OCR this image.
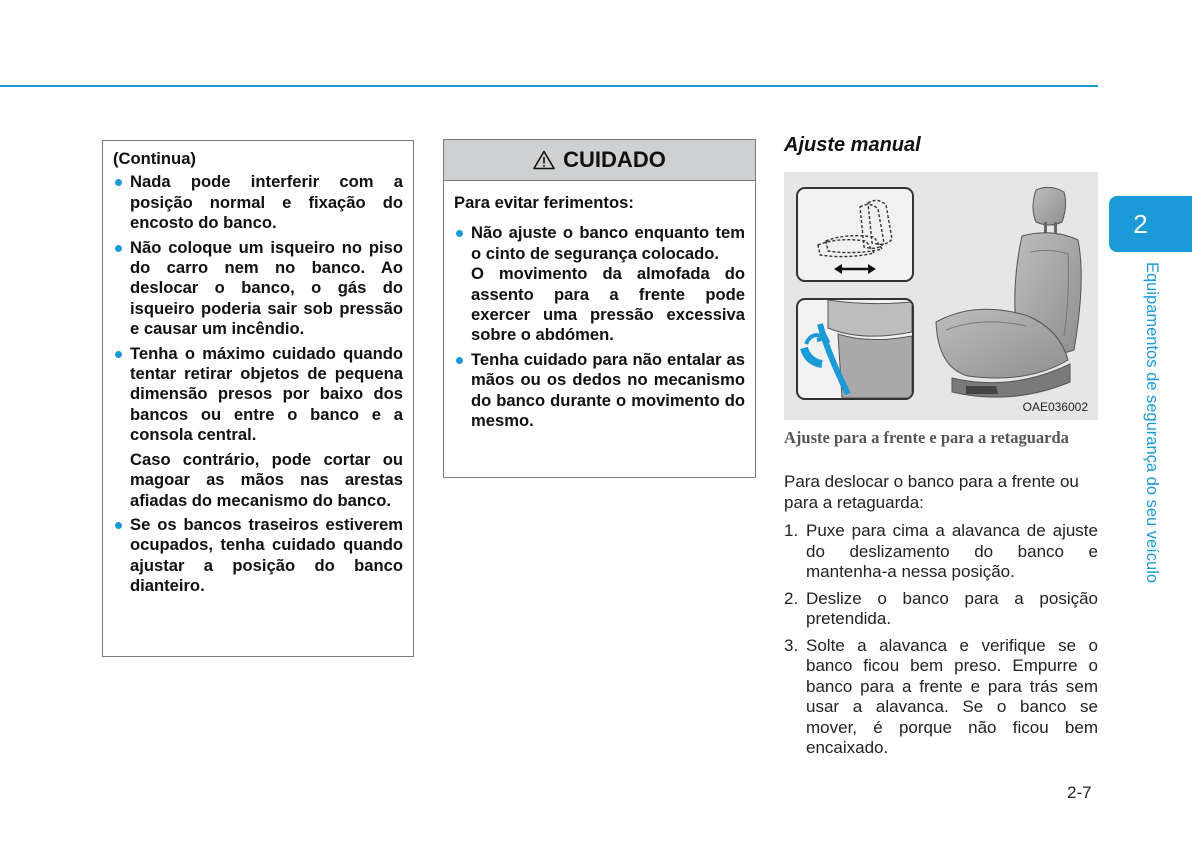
(Continua)
Nada pode interferir com a posição normal e fixação do encosto do banco.
Não coloque um isqueiro no piso do carro nem no banco. Ao deslocar o banco, o gás do isqueiro poderia sair sob pressão e causar um incêndio.
Tenha o máximo cuidado quando tentar retirar objetos de pequena dimensão presos por baixo dos bancos ou entre o banco e a consola central.
Caso contrário, pode cortar ou magoar as mãos nas arestas afiadas do mecanismo do banco.
Se os bancos traseiros estiverem ocupados, tenha cuidado quando ajustar a posição do banco dianteiro.
CUIDADO
Para evitar ferimentos:
Não ajuste o banco enquanto tem o cinto de segurança colocado.
O movimento da almofada do assento para a frente pode exercer uma pressão excessiva sobre o abdómen.
Tenha cuidado para não entalar as mãos ou os dedos no mecanismo do banco durante o movimento do mesmo.
Ajuste manual
OAE036002
Ajuste para a frente e para a retaguarda

Para deslocar o banco para a frente ou para a retaguarda:

1. Puxe para cima a alavanca de ajuste do deslizamento do banco e mantenha-a nessa posição.
2. Deslize o banco para a posição pretendida.
3. Solte a alavanca e verifique se o banco ficou bem preso. Empurre o banco para a frente e para trás sem usar a alavanca. Se o banco se mover, é porque não ficou bem encaixado.
2
Equipamentos de segurança do seu veículo
2-7
